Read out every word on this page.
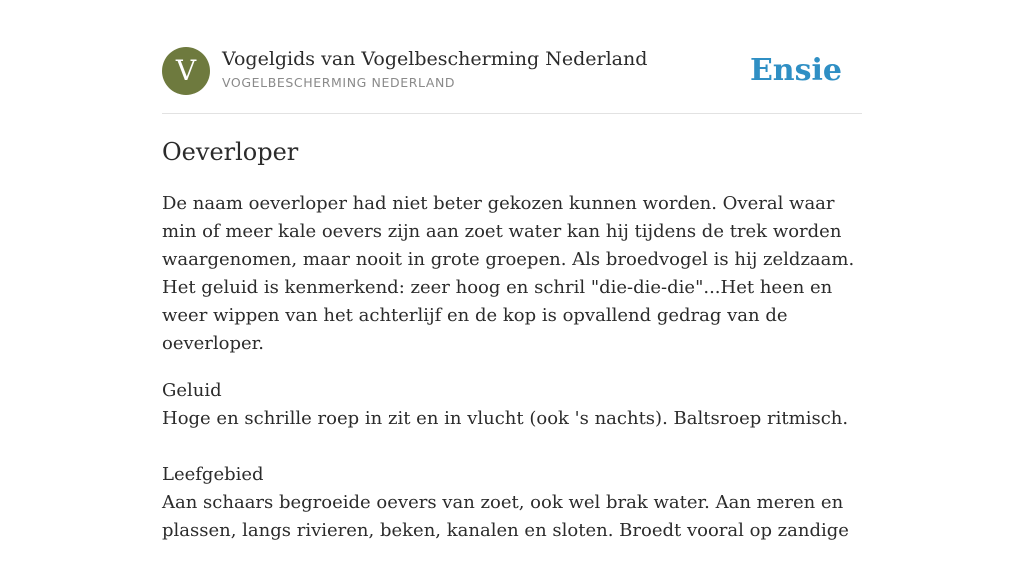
V	Vogelgids van Vogelbescherming Nederland
VOGELBESCHERMING NEDERLAND	Ensie
Oeverloper

De naam oeverloper had niet beter gekozen kunnen worden. Overal waar min of meer kale oevers zijn aan zoet water kan hij tijdens de trek worden waargenomen, maar nooit in grote groepen. Als broedvogel is hij zeldzaam. Het geluid is kenmerkend: zeer hoog en schril "die-die-die"...Het heen en weer wippen van het achterlijf en de kop is opvallend gedrag van de oeverloper.

Geluid
Hoge en schrille roep in zit en in vlucht (ook 's nachts). Baltsroep ritmisch.
Leefgebied
Aan schaars begroeide oevers van zoet, ook wel brak water. Aan meren en plassen, langs rivieren, beken, kanalen en sloten. Broedt vooral op zandige
